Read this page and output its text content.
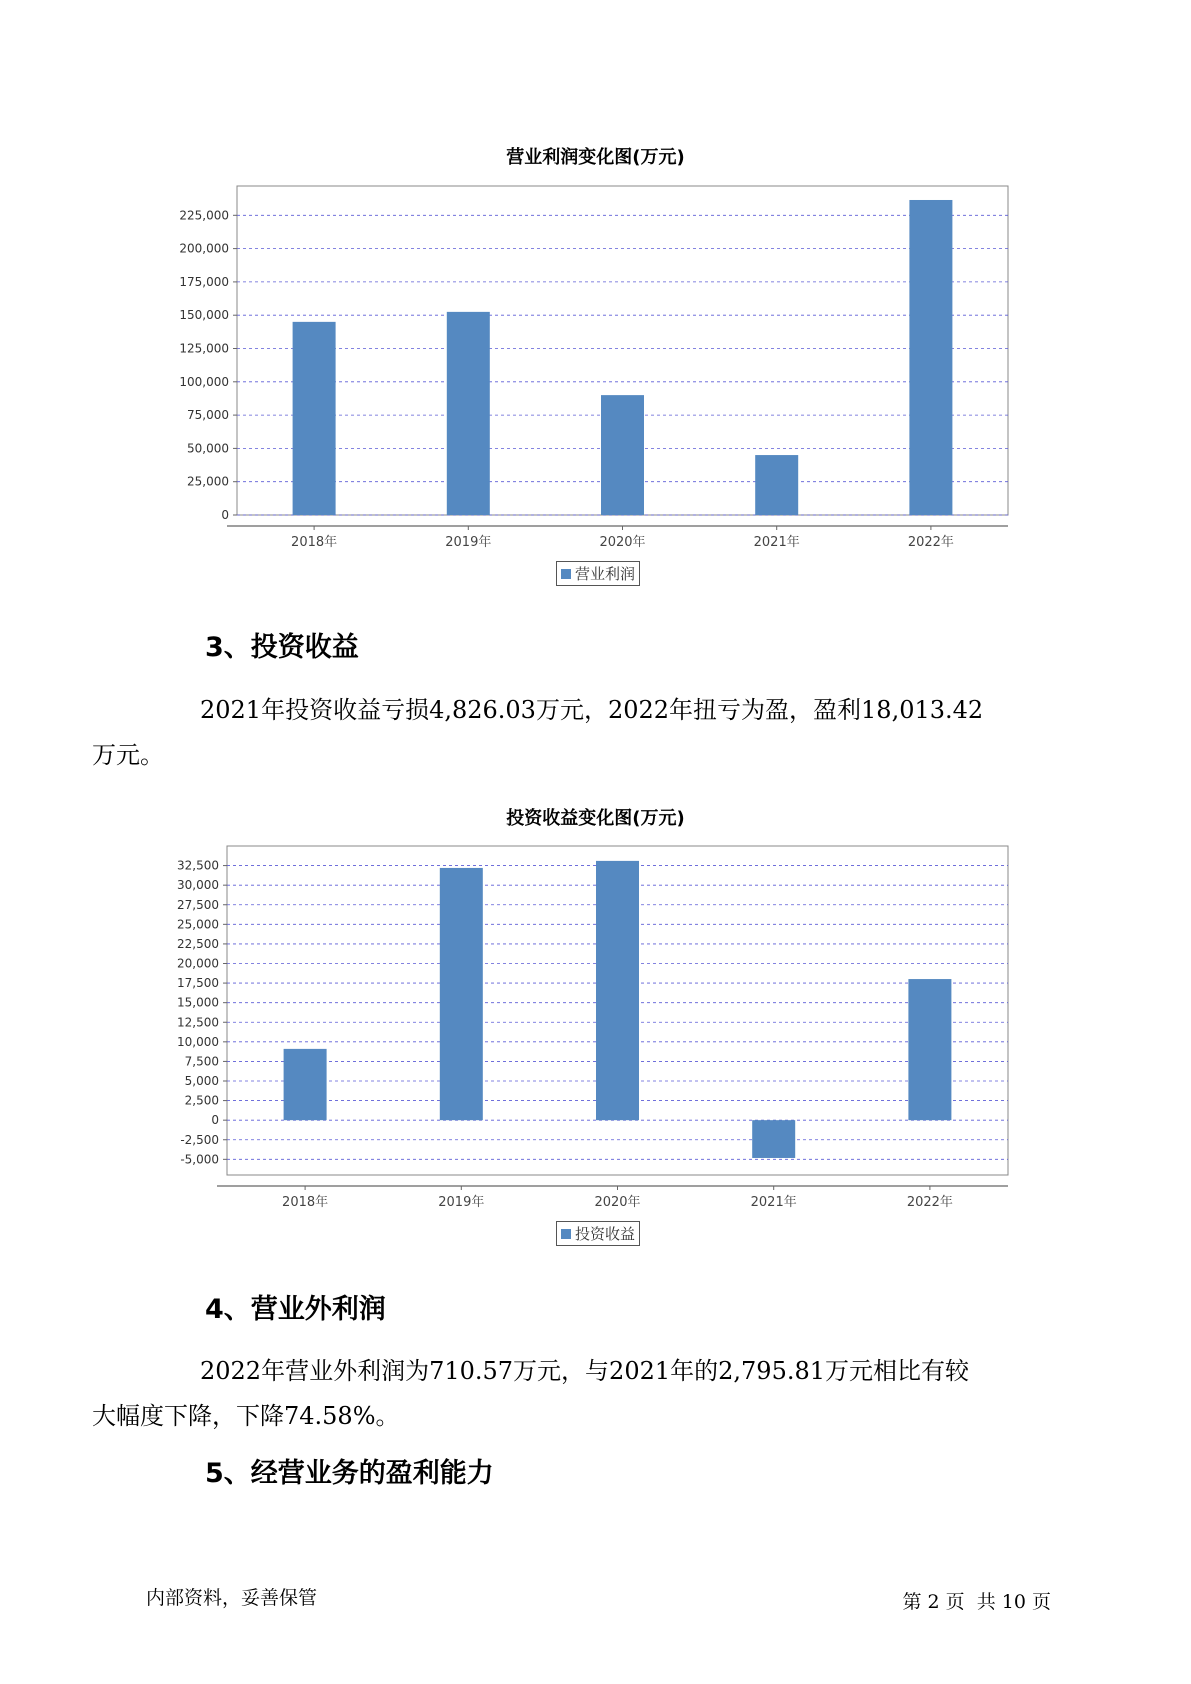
营业利润变化图(万元)
0
25,000
50,000
75,000
100,000
125,000
150,000
175,000
200,000
225,000
2018年	2019年	2020年	2021年	2022年
营业利润
3、投资收益

2021年投资收益亏损4,826.03万元，2022年扭亏为盈，盈利18,013.42
万元。

投资收益变化图(万元)
-5,000
-2,500
0
2,500
5,000
7,500
10,000
12,500
15,000
17,500
20,000
22,500
25,000
27,500
30,000
32,500
2018年	2019年	2020年	2021年	2022年
投资收益
4、营业外利润

2022年营业外利润为710.57万元，与2021年的2,795.81万元相比有较
大幅度下降，下降74.58%。

5、经营业务的盈利能力
内部资料，妥善保管	第 2 页  共 10 页
